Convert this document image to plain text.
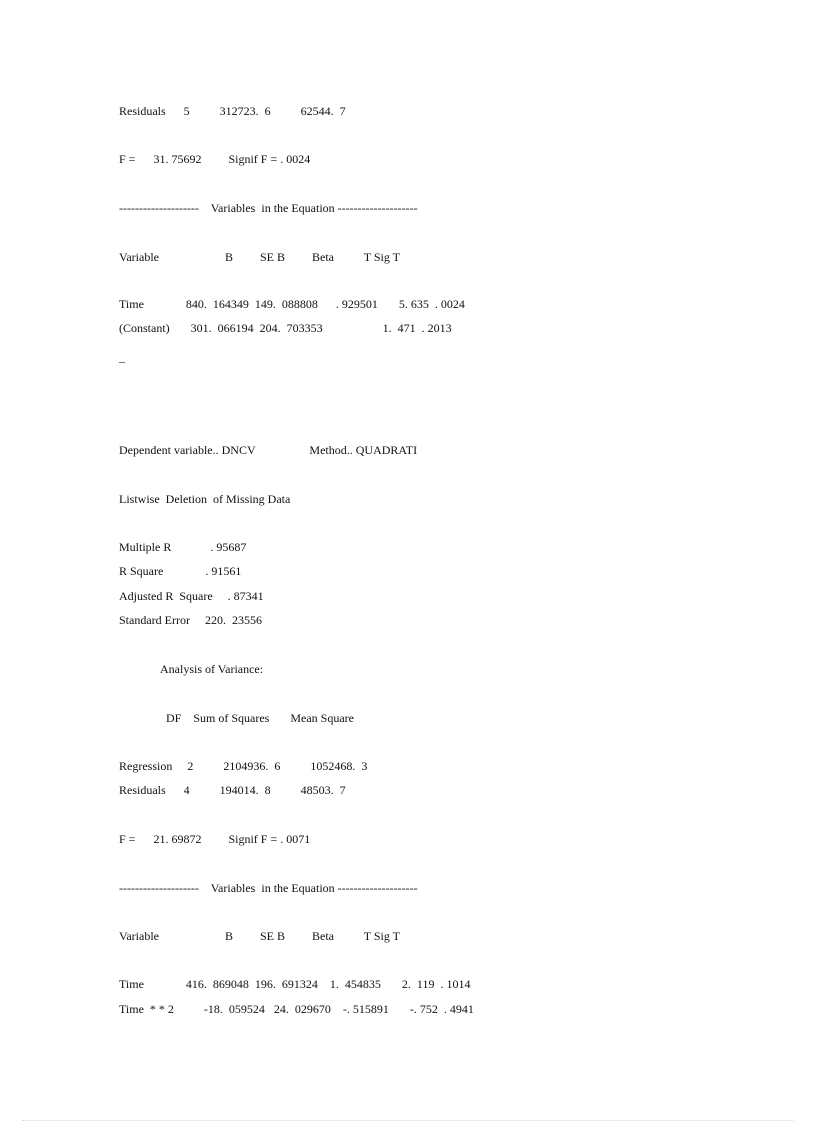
Residuals      5          312723.  6          62544.  7
F =      31. 75692         Signif F = . 0024
--------------------    Variables  in the Equation --------------------
Variable                      B         SE B         Beta          T Sig T
Time              840.  164349  149.  088808      . 929501       5. 635  . 0024
(Constant)       301.  066194  204.  703353                    1.  471  . 2013
_
Dependent variable.. DNCV                  Method.. QUADRATI
Listwise  Deletion  of Missing Data
Multiple R             . 95687
R Square              . 91561
Adjusted R  Square     . 87341
Standard Error     220.  23556
Analysis of Variance:
DF    Sum of Squares       Mean Square
Regression     2          2104936.  6          1052468.  3
Residuals      4          194014.  8          48503.  7
F =      21. 69872         Signif F = . 0071
--------------------    Variables  in the Equation --------------------
Variable                      B         SE B         Beta          T Sig T
Time              416.  869048  196.  691324    1.  454835       2.  119  . 1014
Time  * * 2          -18.  059524   24.  029670    -. 515891       -. 752  . 4941
